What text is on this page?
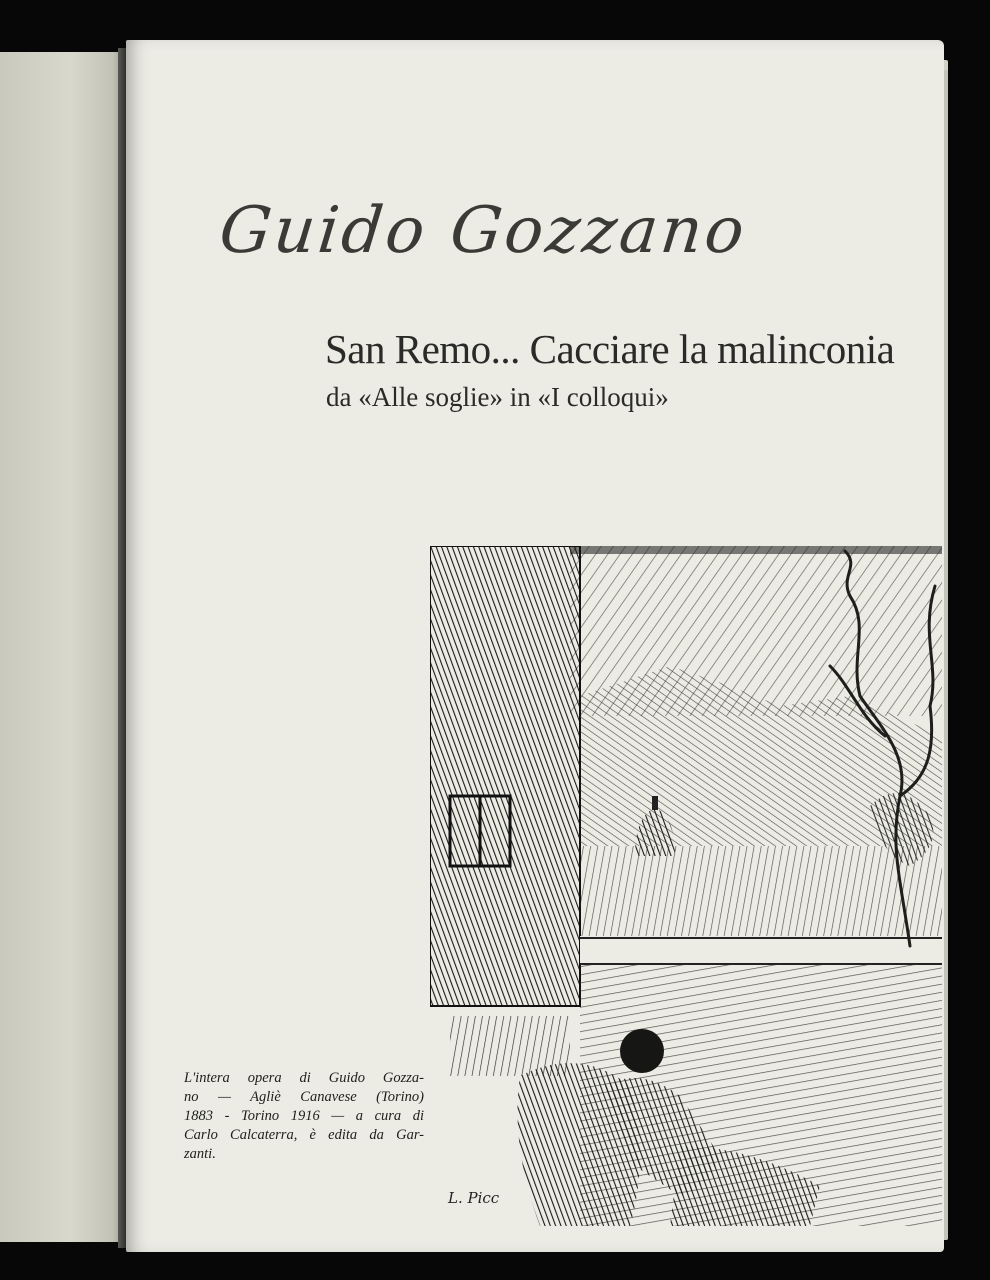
Guido Gozzano
San Remo... Cacciare la malinconia
da «Alle soglie» in «I colloqui»
L'intera opera di Guido Gozza-
no — Agliè Canavese (Torino)
1883 - Torino 1916 — a cura di
Carlo Calcaterra, è edita da Gar-
zanti.
L. Picc
